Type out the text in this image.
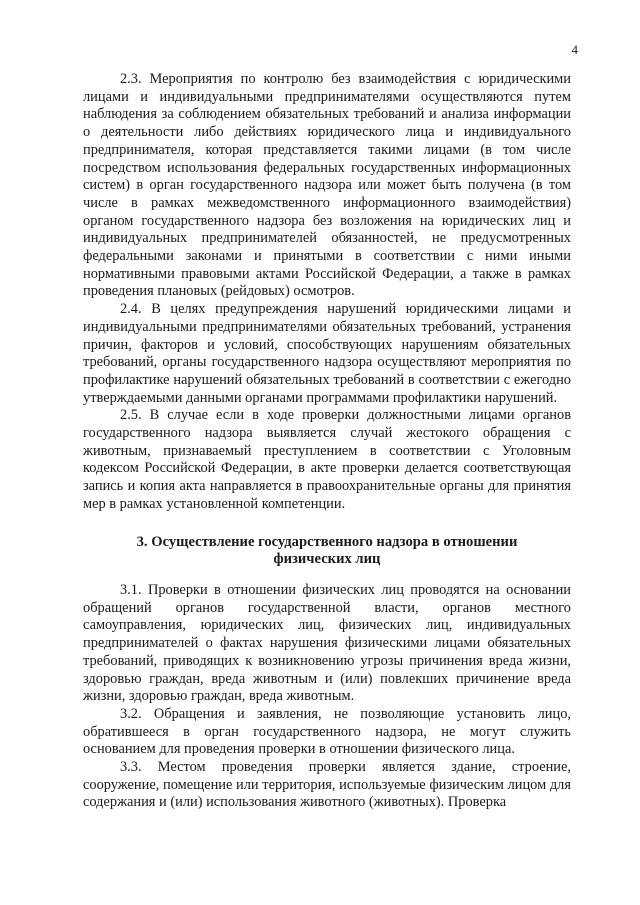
4

2.3. Мероприятия по контролю без взаимодействия с юридическими лицами и индивидуальными предпринимателями осуществляются путем наблюдения за соблюдением обязательных требований и анализа информации о деятельности либо действиях юридического лица и индивидуального предпринимателя, которая представляется такими лицами (в том числе посредством использования федеральных государственных информационных систем) в орган государственного надзора или может быть получена (в том числе в рамках межведомственного информационного взаимодействия) органом государственного надзора без возложения на юридических лиц и индивидуальных предпринимателей обязанностей, не предусмотренных федеральными законами и принятыми в соответствии с ними иными нормативными правовыми актами Российской Федерации, а также в рамках проведения плановых (рейдовых) осмотров.

2.4. В целях предупреждения нарушений юридическими лицами и индивидуальными предпринимателями обязательных требований, устранения причин, факторов и условий, способствующих нарушениям обязательных требований, органы государственного надзора осуществляют мероприятия по профилактике нарушений обязательных требований в соответствии с ежегодно утверждаемыми данными органами программами профилактики нарушений.

2.5. В случае если в ходе проверки должностными лицами органов государственного надзора выявляется случай жестокого обращения с животным, признаваемый преступлением в соответствии с Уголовным кодексом Российской Федерации, в акте проверки делается соответствующая запись и копия акта направляется в правоохранительные органы для принятия мер в рамках установленной компетенции.

3. Осуществление государственного надзора в отношении физических лиц

3.1. Проверки в отношении физических лиц проводятся на основании обращений органов государственной власти, органов местного самоуправления, юридических лиц, физических лиц, индивидуальных предпринимателей о фактах нарушения физическими лицами обязательных требований, приводящих к возникновению угрозы причинения вреда жизни, здоровью граждан, вреда животным и (или) повлекших причинение вреда жизни, здоровью граждан, вреда животным.

3.2. Обращения и заявления, не позволяющие установить лицо, обратившееся в орган государственного надзора, не могут служить основанием для проведения проверки в отношении физического лица.

3.3. Местом проведения проверки является здание, строение, сооружение, помещение или территория, используемые физическим лицом для содержания и (или) использования животного (животных). Проверка
